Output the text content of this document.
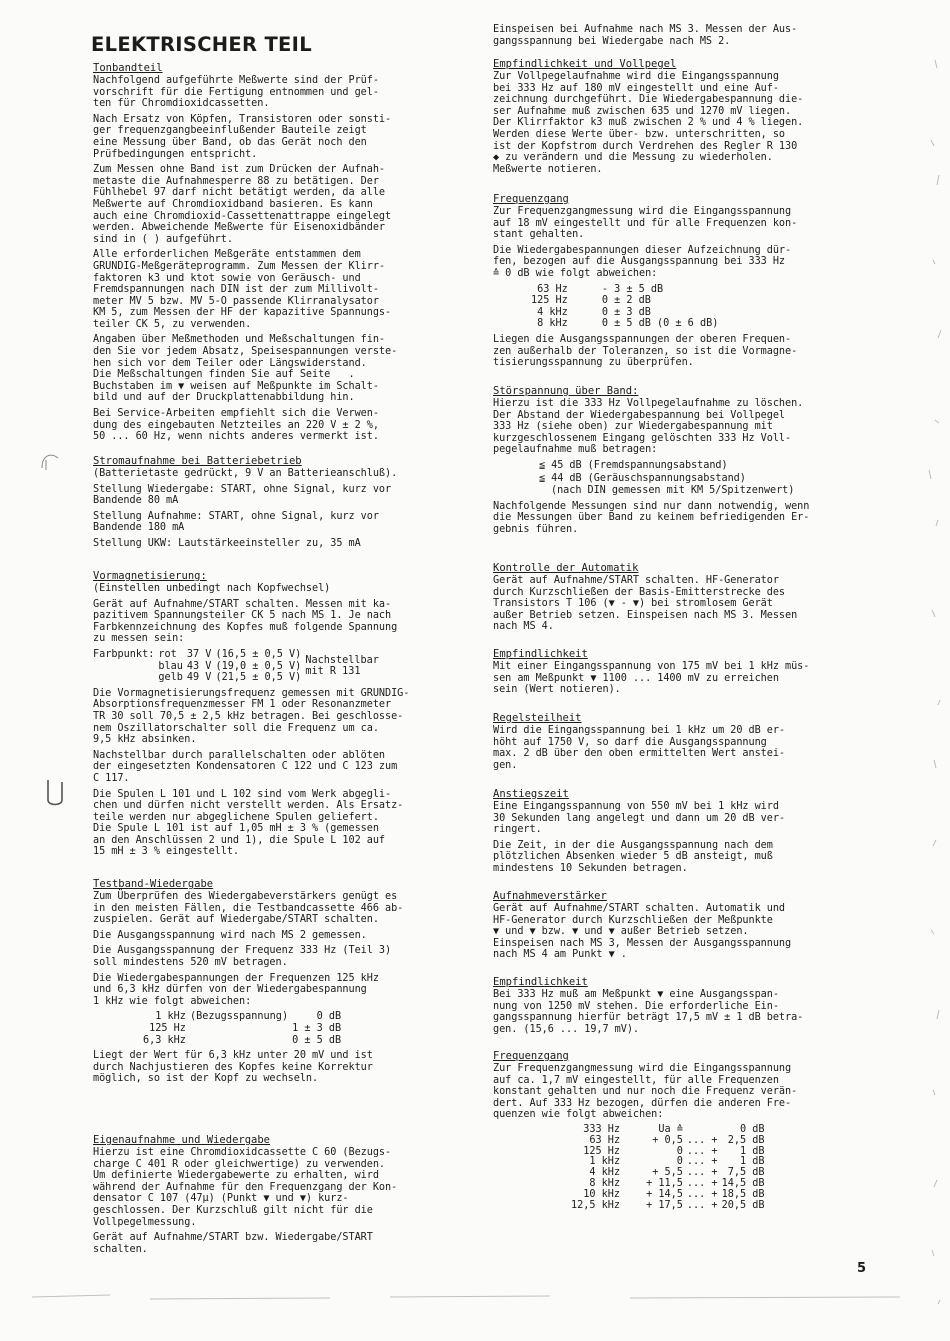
ELEKTRISCHER TEIL
Tonbandteil
Nachfolgend aufgeführte Meßwerte sind der Prüf-
vorschrift für die Fertigung entnommen und gel-
ten für Chromdioxidcassetten.
Nach Ersatz von Köpfen, Transistoren oder sonsti-
ger frequenzgangbeeinflußender Bauteile zeigt
eine Messung über Band, ob das Gerät noch den
Prüfbedingungen entspricht.
Zum Messen ohne Band ist zum Drücken der Aufnah-
metaste die Aufnahmesperre 88 zu betätigen. Der
Fühlhebel 97 darf nicht betätigt werden, da alle
Meßwerte auf Chromdioxidband basieren. Es kann
auch eine Chromdioxid-Cassettenattrappe eingelegt
werden. Abweichende Meßwerte für Eisenoxidbänder
sind in ( ) aufgeführt.
Alle erforderlichen Meßgeräte entstammen dem
GRUNDIG-Meßgeräteprogramm. Zum Messen der Klirr-
faktoren k3 und ktot sowie von Geräusch- und
Fremdspannungen nach DIN ist der zum Millivolt-
meter MV 5 bzw. MV 5-O passende Klirranalysator
KM 5, zum Messen der HF der kapazitive Spannungs-
teiler CK 5, zu verwenden.
Angaben über Meßmethoden und Meßschaltungen fin-
den Sie vor jedem Absatz, Speisespannungen verste-
hen sich vor dem Teiler oder Längswiderstand.
Die Meßschaltungen finden Sie auf Seite   .
Buchstaben im ▼ weisen auf Meßpunkte im Schalt-
bild und auf der Druckplattenabbildung hin.
Bei Service-Arbeiten empfiehlt sich die Verwen-
dung des eingebauten Netzteiles an 220 V ± 2 %,
50 ... 60 Hz, wenn nichts anderes vermerkt ist.
Stromaufnahme bei Batteriebetrieb
(Batterietaste gedrückt, 9 V an Batterieanschluß).
Stellung Wiedergabe: START, ohne Signal, kurz vor
Bandende 80 mA
Stellung Aufnahme: START, ohne Signal, kurz vor
Bandende 180 mA
Stellung UKW: Lautstärkeeinsteller zu, 35 mA
Vormagnetisierung:
(Einstellen unbedingt nach Kopfwechsel)
Gerät auf Aufnahme/START schalten. Messen mit ka-
pazitivem Spannungsteiler CK 5 nach MS 1. Je nach
Farbkennzeichnung des Kopfes muß folgende Spannung
zu messen sein:
Farbpunkt:	rot	37 V	(16,5 ± 0,5 V)	Nachstellbar
mit R 131
	blau	43 V	(19,0 ± 0,5 V)	
	gelb	49 V	(21,5 ± 0,5 V)	
Die Vormagnetisierungsfrequenz gemessen mit GRUNDIG-
Absorptionsfrequenzmesser FM 1 oder Resonanzmeter
TR 30 soll 70,5 ± 2,5 kHz betragen. Bei geschlosse-
nem Oszillatorschalter soll die Frequenz um ca.
9,5 kHz absinken.
Nachstellbar durch parallelschalten oder ablöten
der eingesetzten Kondensatoren C 122 und C 123 zum
C 117.
Die Spulen L 101 und L 102 sind vom Werk abgegli-
chen und dürfen nicht verstellt werden. Als Ersatz-
teile werden nur abgeglichene Spulen geliefert.
Die Spule L 101 ist auf 1,05 mH ± 3 % (gemessen
an den Anschlüssen 2 und 1), die Spule L 102 auf
15 mH ± 3 % eingestellt.
Testband-Wiedergabe
Zum Überprüfen des Wiedergabeverstärkers genügt es
in den meisten Fällen, die Testbandcassette 466 ab-
zuspielen. Gerät auf Wiedergabe/START schalten.
Die Ausgangsspannung wird nach MS 2 gemessen.
Die Ausgangsspannung der Frequenz 333 Hz (Teil 3)
soll mindestens 520 mV betragen.
Die Wiedergabespannungen der Frequenzen 125 kHz
und 6,3 kHz dürfen von der Wiedergabespannung
1 kHz wie folgt abweichen:
1 kHz	(Bezugsspannung)	0 dB
125 Hz		1 ± 3 dB
6,3 kHz		0 ± 5 dB
Liegt der Wert für 6,3 kHz unter 20 mV und ist
durch Nachjustieren des Kopfes keine Korrektur
möglich, so ist der Kopf zu wechseln.
Eigenaufnahme und Wiedergabe
Hierzu ist eine Chromdioxidcassette C 60 (Bezugs-
charge C 401 R oder gleichwertige) zu verwenden.
Um definierte Wiedergabewerte zu erhalten, wird
während der Aufnahme für den Frequenzgang der Kon-
densator C 107 (47μ) (Punkt ▼ und ▼) kurz-
geschlossen. Der Kurzschluß gilt nicht für die
Vollpegelmessung.
Gerät auf Aufnahme/START bzw. Wiedergabe/START
schalten.
Einspeisen bei Aufnahme nach MS 3. Messen der Aus-
gangsspannung bei Wiedergabe nach MS 2.
Empfindlichkeit und Vollpegel
Zur Vollpegelaufnahme wird die Eingangsspannung
bei 333 Hz auf 180 mV eingestellt und eine Auf-
zeichnung durchgeführt. Die Wiedergabespannung die-
ser Aufnahme muß zwischen 635 und 1270 mV liegen.
Der Klirrfaktor k3 muß zwischen 2 % und 4 % liegen.
Werden diese Werte über- bzw. unterschritten, so
ist der Kopfstrom durch Verdrehen des Regler R 130
◆ zu verändern und die Messung zu wiederholen.
Meßwerte notieren.
Frequenzgang
Zur Frequenzgangmessung wird die Eingangsspannung
auf 18 mV eingestellt und für alle Frequenzen kon-
stant gehalten.
Die Wiedergabespannungen dieser Aufzeichnung dür-
fen, bezogen auf die Ausgangsspannung bei 333 Hz
≙ 0 dB wie folgt abweichen:
63 Hz	- 3 ± 5 dB
125 Hz	0 ± 2 dB
4 kHz	0 ± 3 dB
8 kHz	0 ± 5 dB (0 ± 6 dB)
Liegen die Ausgangsspannungen der oberen Frequen-
zen außerhalb der Toleranzen, so ist die Vormagne-
tisierungsspannung zu überprüfen.
Störspannung über Band:
Hierzu ist die 333 Hz Vollpegelaufnahme zu löschen.
Der Abstand der Wiedergabespannung bei Vollpegel
333 Hz (siehe oben) zur Wiedergabespannung mit
kurzgeschlossenem Eingang gelöschten 333 Hz Voll-
pegelaufnahme muß betragen:
≦ 45 dB (Fremdspannungsabstand)
≦ 44 dB (Geräuschspannungsabstand)
(nach DIN gemessen mit KM 5/Spitzenwert)
Nachfolgende Messungen sind nur dann notwendig, wenn
die Messungen über Band zu keinem befriedigenden Er-
gebnis führen.
Kontrolle der Automatik
Gerät auf Aufnahme/START schalten. HF-Generator
durch Kurzschließen der Basis-Emitterstrecke des
Transistors T 106 (▼ - ▼) bei stromlosem Gerät
außer Betrieb setzen. Einspeisen nach MS 3. Messen
nach MS 4.
Empfindlichkeit
Mit einer Eingangsspannung von 175 mV bei 1 kHz müs-
sen am Meßpunkt ▼ 1100 ... 1400 mV zu erreichen
sein (Wert notieren).
Regelsteilheit
Wird die Eingangsspannung bei 1 kHz um 20 dB er-
höht auf 1750 V, so darf die Ausgangsspannung
max. 2 dB über den oben ermittelten Wert anstei-
gen.
Anstiegszeit
Eine Eingangsspannung von 550 mV bei 1 kHz wird
30 Sekunden lang angelegt und dann um 20 dB ver-
ringert.
Die Zeit, in der die Ausgangsspannung nach dem
plötzlichen Absenken wieder 5 dB ansteigt, muß
mindestens 10 Sekunden betragen.
Aufnahmeverstärker
Gerät auf Aufnahme/START schalten. Automatik und
HF-Generator durch Kurzschließen der Meßpunkte
▼ und ▼ bzw. ▼ und ▼ außer Betrieb setzen.
Einspeisen nach MS 3, Messen der Ausgangsspannung
nach MS 4 am Punkt ▼ .
Empfindlichkeit
Bei 333 Hz muß am Meßpunkt ▼ eine Ausgangsspan-
nung von 1250 mV stehen. Die erforderliche Ein-
gangsspannung hierfür beträgt 17,5 mV ± 1 dB betra-
gen. (15,6 ... 19,7 mV).
Frequenzgang
Zur Frequenzgangmessung wird die Eingangsspannung
auf ca. 1,7 mV eingestellt, für alle Frequenzen
konstant gehalten und nur noch die Frequenz verän-
dert. Auf 333 Hz bezogen, dürfen die anderen Fre-
quenzen wie folgt abweichen:
333 Hz	Ua ≙		0 dB
63 Hz	+ 0,5	... +	2,5 dB
125 Hz	0	... +	1 dB
1 kHz	0	... +	1 dB
4 kHz	+ 5,5	... +	7,5 dB
8 kHz	+ 11,5	... +	14,5 dB
10 kHz	+ 14,5	... +	18,5 dB
12,5 kHz	+ 17,5	... +	20,5 dB
5
